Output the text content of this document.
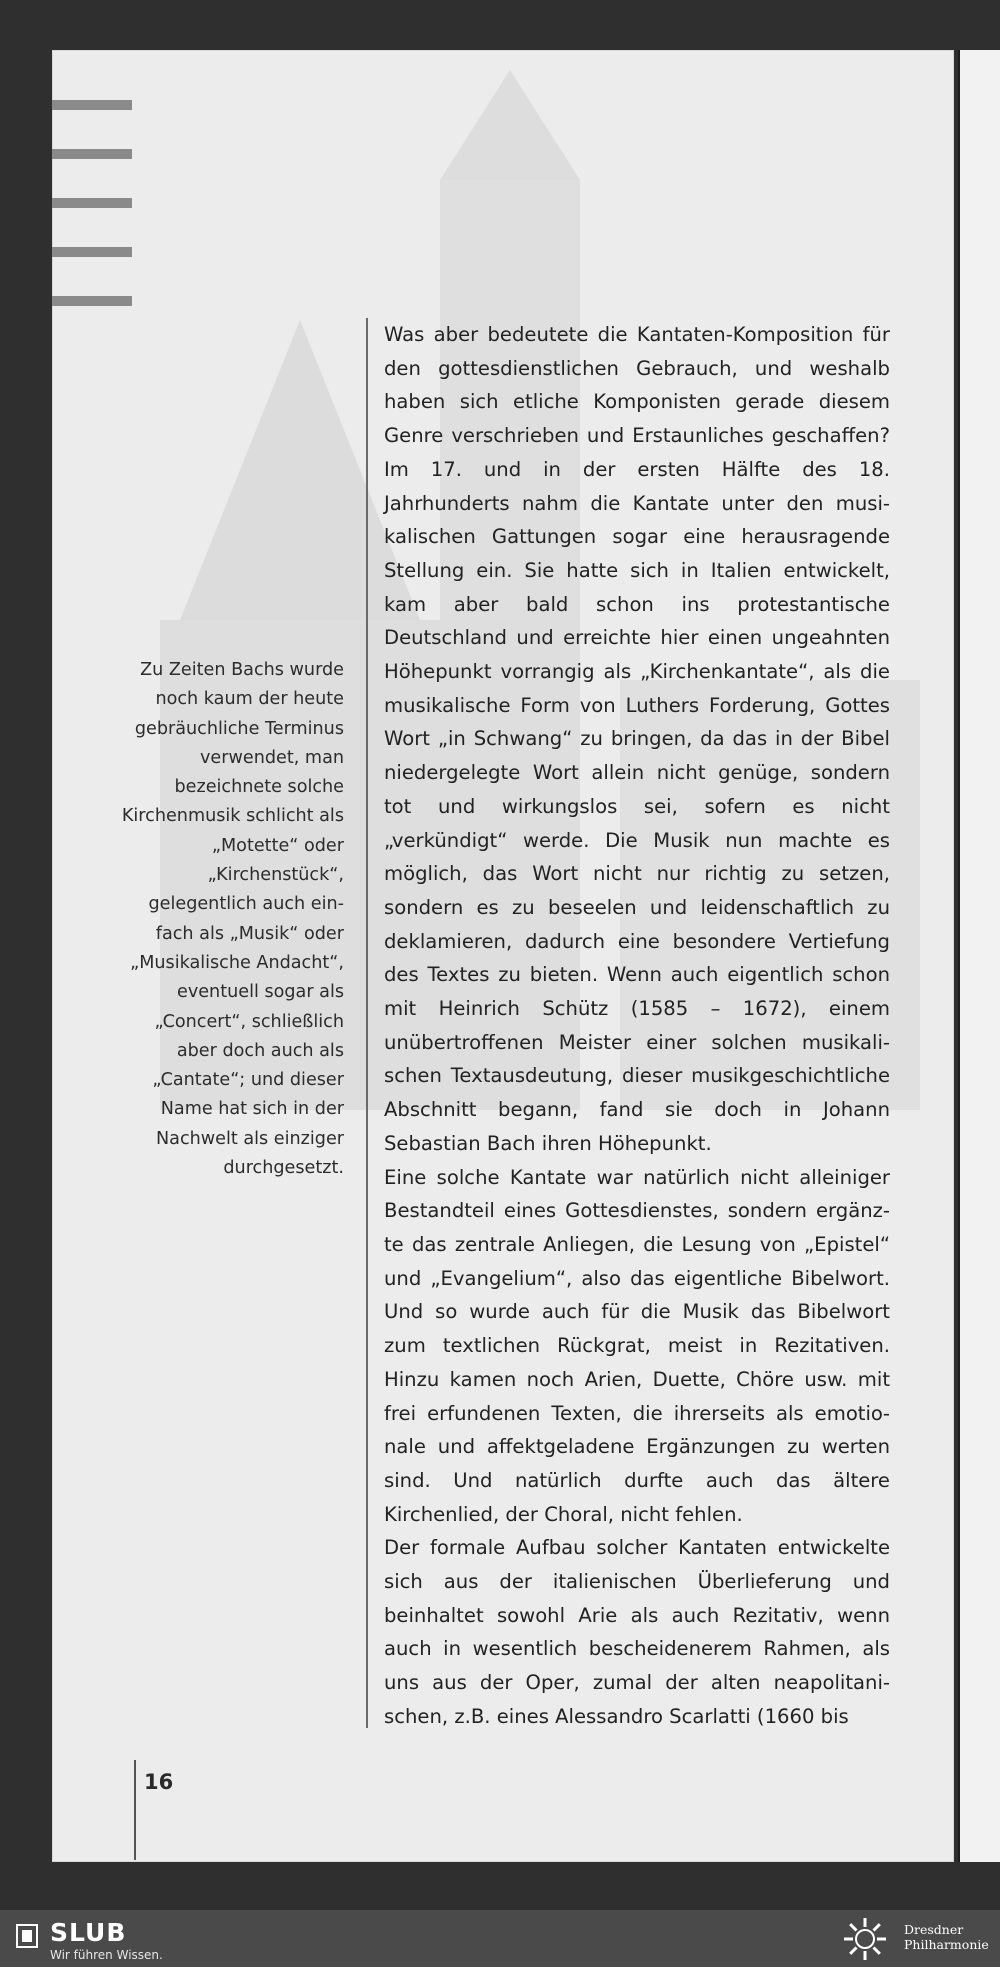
Zu Zeiten Bachs wurde noch kaum der heute gebräuchliche Terminus verwendet, man bezeichnete solche Kirchenmusik schlicht als „Motette“ oder „Kirchenstück“, gelegentlich auch einfach als „Musik“ oder „Musikalische Andacht“, eventuell sogar als „Concert“, schließlich aber doch auch als „Cantate“; und dieser Name hat sich in der Nachwelt als einziger durchgesetzt.

Was aber bedeutete die Kantaten-Komposition für den gottesdienstlichen Gebrauch, und weshalb haben sich etliche Komponisten gerade diesem Genre verschrieben und Erstaunliches geschaffen? Im 17. und in der ersten Hälfte des 18. Jahrhunderts nahm die Kantate unter den musikalischen Gattungen sogar eine herausragende Stellung ein. Sie hatte sich in Italien entwickelt, kam aber bald schon ins protestantische Deutschland und erreichte hier einen ungeahnten Höhepunkt vorrangig als „Kirchenkantate“, als die musikalische Form von Luthers Forderung, Gottes Wort „in Schwang“ zu bringen, da das in der Bibel niedergelegte Wort allein nicht genüge, sondern tot und wirkungslos sei, sofern es nicht „verkündigt“ werde. Die Musik nun machte es möglich, das Wort nicht nur richtig zu setzen, sondern es zu beseelen und leidenschaftlich zu deklamieren, dadurch eine besondere Vertiefung des Textes zu bieten. Wenn auch eigentlich schon mit Heinrich Schütz (1585 – 1672), einem unübertroffenen Meister einer solchen musikalischen Textausdeutung, dieser musikgeschichtliche Abschnitt begann, fand sie doch in Johann Sebastian Bach ihren Höhepunkt.

Eine solche Kantate war natürlich nicht alleiniger Bestandteil eines Gottesdienstes, sondern ergänzte das zentrale Anliegen, die Lesung von „Epistel“ und „Evangelium“, also das eigentliche Bibelwort. Und so wurde auch für die Musik das Bibelwort zum textlichen Rückgrat, meist in Rezitativen. Hinzu kamen noch Arien, Duette, Chöre usw. mit frei erfundenen Texten, die ihrerseits als emotionale und affektgeladene Ergänzungen zu werten sind. Und natürlich durfte auch das ältere Kirchenlied, der Choral, nicht fehlen.

Der formale Aufbau solcher Kantaten entwickelte sich aus der italienischen Überlieferung und beinhaltet sowohl Arie als auch Rezitativ, wenn auch in wesentlich bescheidenerem Rahmen, als uns aus der Oper, zumal der alten neapolitanischen, z.B. eines Alessandro Scarlatti (1660 bis

16
SLUB
Wir führen Wissen.
Dresdner
Philharmonie
